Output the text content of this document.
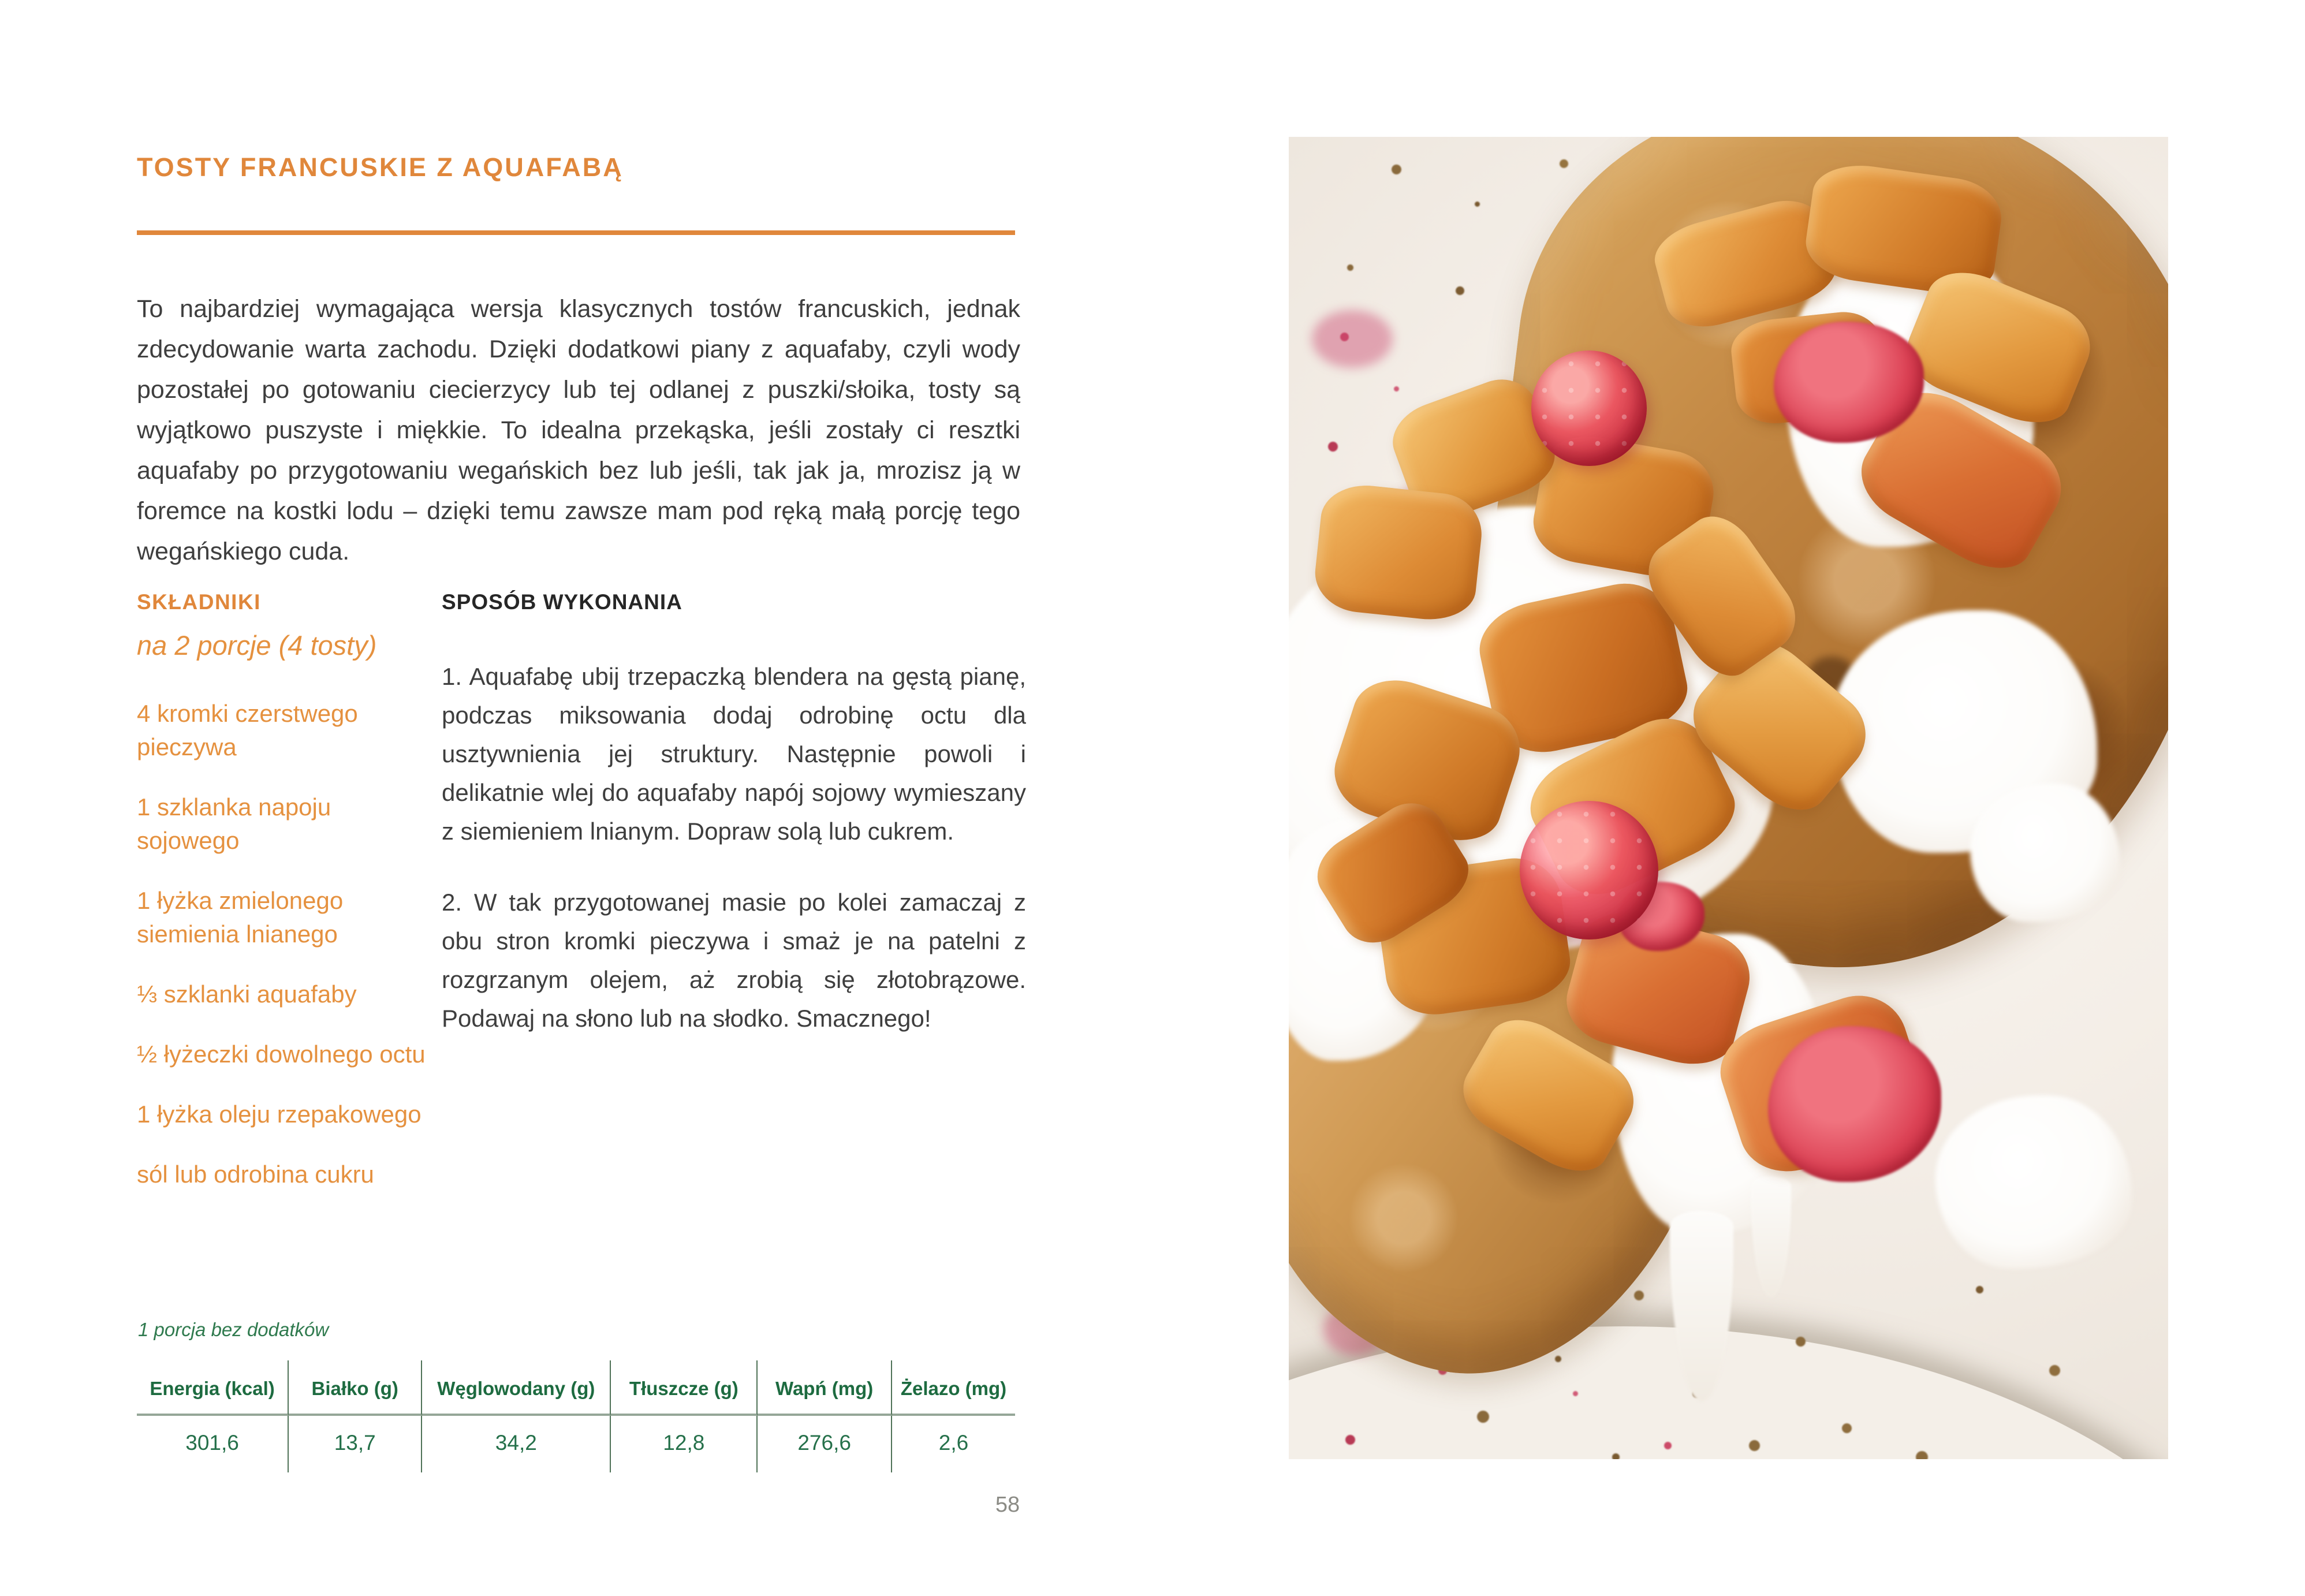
TOSTY FRANCUSKIE Z AQUAFABĄ

To najbardziej wymagająca wersja klasycznych tostów francuskich, jednak zdecydowanie warta zachodu. Dzięki dodatkowi piany z aquafaby, czyli wody pozostałej po gotowaniu ciecierzycy lub tej odlanej z puszki/słoika, tosty są wyjątkowo puszyste i miękkie. To idealna przekąska, jeśli zostały ci resztki aquafaby po przygotowaniu wegańskich bez lub jeśli, tak jak ja, mrozisz ją w foremce na kostki lodu – dzięki temu zawsze mam pod ręką małą porcję tego wegańskiego cuda.

SKŁADNIKI

na 2 porcje (4 tosty)

4 kromki czerstwego pieczywa
1 szklanka napoju sojowego
1 łyżka zmielonego siemienia lnianego
⅓ szklanki aquafaby
½ łyżeczki dowolnego octu
1 łyżka oleju rzepakowego
sól lub odrobina cukru
SPOSÓB WYKONANIA

1. Aquafabę ubij trzepaczką blendera na gęstą pianę, podczas miksowania dodaj odrobinę octu dla usztywnienia jej struktury. Następnie powoli i delikatnie wlej do aquafaby napój sojowy wymieszany z siemieniem lnianym. Dopraw solą lub cukrem.

2. W tak przygotowanej masie po kolei zamaczaj z obu stron kromki pieczywa i smaż je na patelni z rozgrzanym olejem, aż zrobią się złotobrązowe. Podawaj na słono lub na słodko. Smacznego!

1 porcja bez dodatków

Energia (kcal)	Białko (g)	Węglowodany (g)	Tłuszcze (g)	Wapń (mg)	Żelazo (mg)
301,6	13,7	34,2	12,8	276,6	2,6
58
